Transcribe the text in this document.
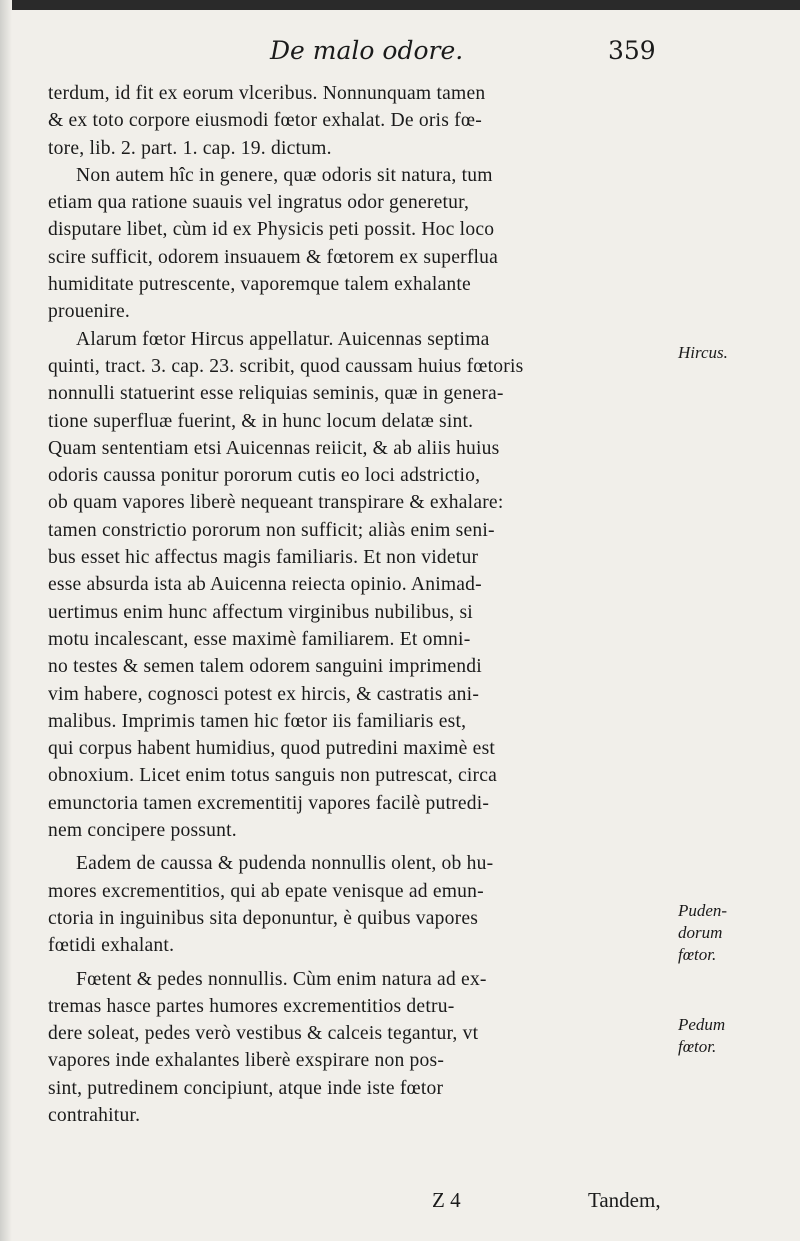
De malo odore.	359
terdum, id fit ex eorum vlceribus. Nonnunquam tamen
& ex toto corpore eiusmodi fœtor exhalat. De oris fœ-
tore, lib. 2. part. 1. cap. 19. dictum.
Non autem hîc in genere, quæ odoris sit natura, tum
etiam qua ratione suauis vel ingratus odor generetur,
disputare libet, cùm id ex Physicis peti possit. Hoc loco
scire sufficit, odorem insuauem & fœtorem ex superflua
humiditate putrescente, vaporemque talem exhalante
prouenire.
Alarum fœtor Hircus appellatur. Auicennas septima
quinti, tract. 3. cap. 23. scribit, quod caussam huius fœtoris
nonnulli statuerint esse reliquias seminis, quæ in genera-
tione superfluæ fuerint, & in hunc locum delatæ sint.
Quam sententiam etsi Auicennas reiicit, & ab aliis huius
odoris caussa ponitur pororum cutis eo loci adstrictio,
ob quam vapores liberè nequeant transpirare & exhalare:
tamen constrictio pororum non sufficit; aliàs enim seni-
bus esset hic affectus magis familiaris. Et non videtur
esse absurda ista ab Auicenna reiecta opinio. Animad-
uertimus enim hunc affectum virginibus nubilibus, si
motu incalescant, esse maximè familiarem. Et omni-
no testes & semen talem odorem sanguini imprimendi
vim habere, cognosci potest ex hircis, & castratis ani-
malibus. Imprimis tamen hic fœtor iis familiaris est,
qui corpus habent humidius, quod putredini maximè est
obnoxium. Licet enim totus sanguis non putrescat, circa
emunctoria tamen excrementitij vapores facilè putredi-
nem concipere possunt.
Eadem de caussa & pudenda nonnullis olent, ob hu-
mores excrementitios, qui ab epate venisque ad emun-
ctoria in inguinibus sita deponuntur, è quibus vapores
fœtidi exhalant.
Fœtent & pedes nonnullis. Cùm enim natura ad ex-
tremas hasce partes humores excrementitios detru-
dere soleat, pedes verò vestibus & calceis tegantur, vt
vapores inde exhalantes liberè exspirare non pos-
sint, putredinem concipiunt, atque inde iste fœtor
contrahitur.
Hircus.
Puden-
dorum
fœtor.
Pedum
fœtor.
Z 4	Tandem,
